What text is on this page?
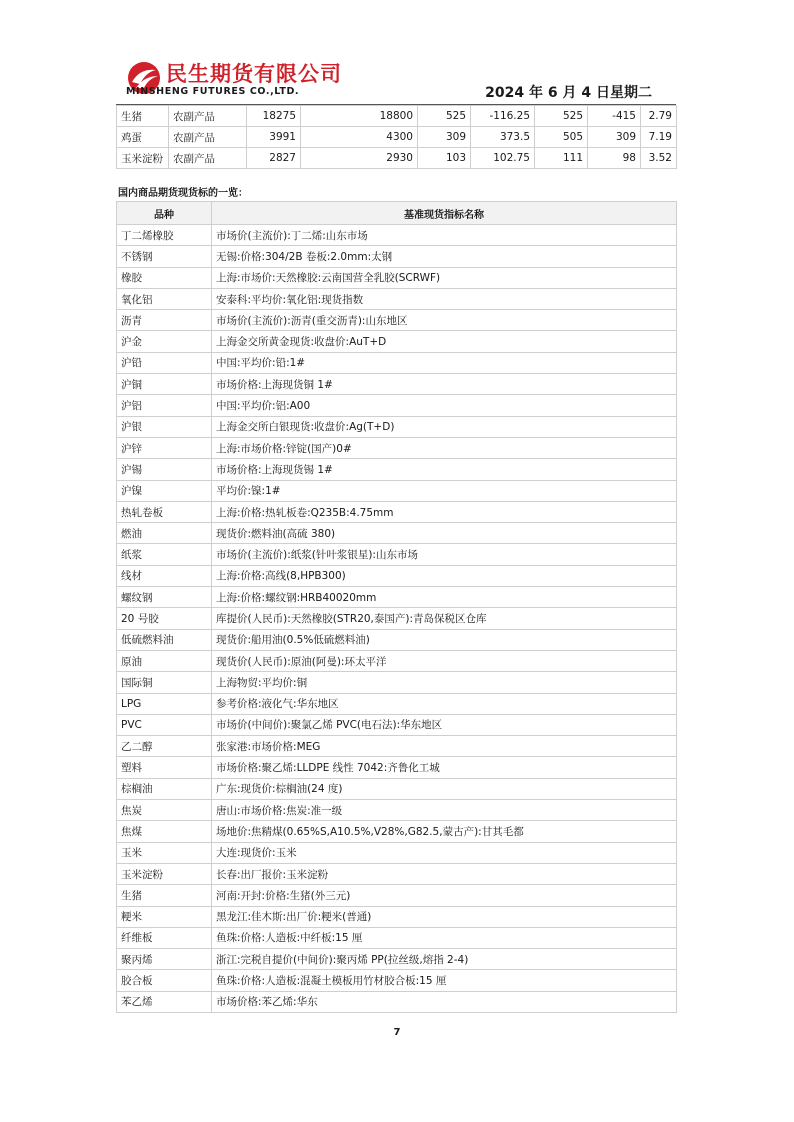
民生期货有限公司
MINSHENG FUTURES CO.,LTD.	2024 年 6 月 4 日星期二
生猪	农副产品	18275	18800	525	-116.25	525	-415	2.79
鸡蛋	农副产品	3991	4300	309	373.5	505	309	7.19
玉米淀粉	农副产品	2827	2930	103	102.75	111	98	3.52
国内商品期货现货标的一览：
品种	基准现货指标名称
丁二烯橡胶	市场价(主流价):丁二烯:山东市场
不锈钢	无锡:价格:304/2B 卷板:2.0mm:太钢
橡胶	上海:市场价:天然橡胶:云南国营全乳胶(SCRWF)
氧化铝	安泰科:平均价:氧化铝:现货指数
沥青	市场价(主流价):沥青(重交沥青):山东地区
沪金	上海金交所黄金现货:收盘价:AuT+D
沪铅	中国:平均价:铅:1#
沪铜	市场价格:上海现货铜 1#
沪铝	中国:平均价:铝:A00
沪银	上海金交所白银现货:收盘价:Ag(T+D)
沪锌	上海:市场价格:锌锭(国产)0#
沪锡	市场价格:上海现货锡 1#
沪镍	平均价:镍:1#
热轧卷板	上海:价格:热轧板卷:Q235B:4.75mm
燃油	现货价:燃料油(高硫 380)
纸浆	市场价(主流价):纸浆(针叶浆银星):山东市场
线材	上海:价格:高线(8,HPB300)
螺纹钢	上海:价格:螺纹钢:HRB40020mm
20 号胶	库提价(人民币):天然橡胶(STR20,泰国产):青岛保税区仓库
低硫燃料油	现货价:船用油(0.5%低硫燃料油)
原油	现货价(人民币):原油(阿曼):环太平洋
国际铜	上海物贸:平均价:铜
LPG	参考价格:液化气:华东地区
PVC	市场价(中间价):聚氯乙烯 PVC(电石法):华东地区
乙二醇	张家港:市场价格:MEG
塑料	市场价格:聚乙烯:LLDPE 线性 7042:齐鲁化工城
棕榈油	广东:现货价:棕榈油(24 度)
焦炭	唐山:市场价格:焦炭:准一级
焦煤	场地价:焦精煤(0.65%S,A10.5%,V28%,G82.5,蒙古产):甘其毛都
玉米	大连:现货价:玉米
玉米淀粉	长春:出厂报价:玉米淀粉
生猪	河南:开封:价格:生猪(外三元)
粳米	黑龙江:佳木斯:出厂价:粳米(普通)
纤维板	鱼珠:价格:人造板:中纤板:15 厘
聚丙烯	浙江:完税自提价(中间价):聚丙烯 PP(拉丝级,熔指 2-4)
胶合板	鱼珠:价格:人造板:混凝土模板用竹材胶合板:15 厘
苯乙烯	市场价格:苯乙烯:华东
7
